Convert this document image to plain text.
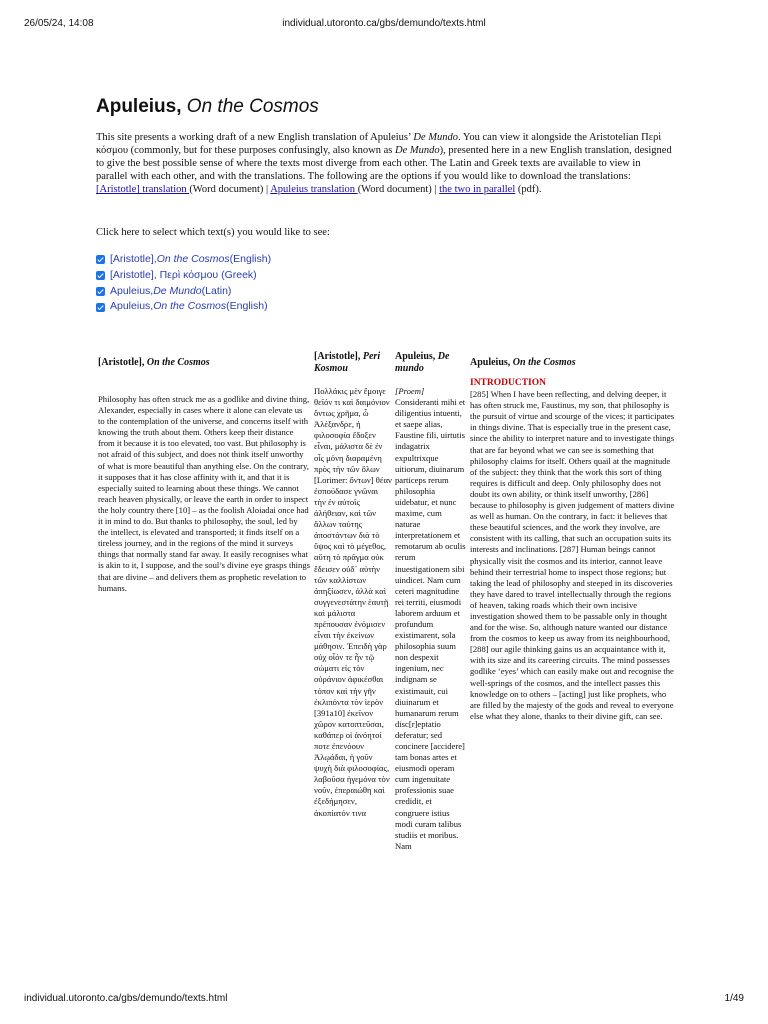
26/05/24, 14:08	individual.utoronto.ca/gbs/demundo/texts.html
Apuleius, On the Cosmos
This site presents a working draft of a new English translation of Apuleius’ De Mundo. You can view it alongside the Aristotelian Περὶ κόσμου (commonly, but for these purposes confusingly, also known as De Mundo), presented here in a new English translation, designed to give the best possible sense of where the texts most diverge from each other. The Latin and Greek texts are available to view in parallel with each other, and with the translations. The following are the options if you would like to download the translations: [Aristotle] translation (Word document) | Apuleius translation (Word document) | the two in parallel (pdf).
Click here to select which text(s) you would like to see:
[Aristotle], On the Cosmos (English)
[Aristotle], Περὶ κόσμου (Greek)
Apuleius, De Mundo (Latin)
Apuleius, On the Cosmos (English)
[Aristotle], On the Cosmos

Philosophy has often struck me as a godlike and divine thing, Alexander, especially in cases where it alone can elevate us to the contemplation of the universe, and concerns itself with knowing the truth about them. Others keep their distance from it because it is too elevated, too vast. But philosophy is not afraid of this subject, and does not think itself unworthy of what is more beautiful than anything else. On the contrary, it supposes that it has close affinity with it, and that it is especially suited to learning about these things. We cannot reach heaven physically, or leave the earth in order to inspect the holy country there [10] – as the foolish Aloiadai once had it in mind to do. But thanks to philosophy, the soul, led by the intellect, is elevated and transported; it finds itself on a tireless journey, and in the regions of the mind it surveys things that normally stand far away. It easily recognises what is akin to it, I suppose, and the soul’s divine eye grasps things that are divine – and delivers them as prophetic revelation to humans.

[Aristotle], Peri Kosmou

Πολλάκις μὲν ἔμοιγε θεῖόν τι καὶ δαιμόνιον ὄντως χρῆμα, ὦ Ἀλέξανδρε, ἡ φιλοσοφία ἔδοξεν εἶναι, μάλιστα δὲ ἐν οἷς μόνη διαραμένη πρὸς τὴν τῶν ὅλων [Lorimer: ὄντων] θέαν ἐσπούδασε γνῶναι τὴν ἐν αὐτοῖς ἀλήθειαν, καὶ τῶν ἄλλων ταύτης ἀποστάντων διὰ τὸ ὕψος καὶ τὸ μέγεθος, αὕτη τὸ πρᾶγμα οὐκ ἔδεισεν οὐδ᾽ αὑτὴν τῶν καλλίστων ἀπηξίωσεν, ἀλλὰ καὶ συγγενεστάτην ἑαυτῇ καὶ μάλιστα πρέπουσαν ἐνόμισεν εἶναι τὴν ἐκείνων μάθησιν. Ἐπειδὴ γὰρ οὐχ οἷόν τε ἦν τῷ σώματι εἰς τὸν οὐράνιον ἀφικέσθαι τόπον καὶ τὴν γῆν ἐκλιπόντα τὸν ἱερὸν [391a10] ἐκεῖνον χῶρον κατοπτεῦσαι, καθάπερ οἱ ἀνόητοί ποτε ἐπενόουν Ἀλῳάδαι, ἡ γοῦν ψυχὴ διὰ φιλοσοφίας, λαβοῦσα ἡγεμόνα τὸν νοῦν, ἐπεραιώθη καὶ ἐξεδήμησεν, ἀκοπίατόν τινα

Apuleius, De mundo

[Proem] Consideranti mihi et diligentius intuenti, et saepe alias, Faustine fili, uirtutis indagatrix expultrixque uitiorum, diuinarum particeps rerum philosophia uidebatur, et nunc maxime, cum naturae interpretationem et remotarum ab oculis rerum inuestigationem sibi uindicet. Nam cum ceteri magnitudine rei territi, eiusmodi laborem arduum et profundum existimarent, sola philosophia suum non despexit ingenium, nec indignam se existimauit, cui diuinarum et humanarum rerum disc[r]eptatio deferatur; sed concinere [accidere] tam bonas artes et eiusmodi operam cum ingenuitate professionis suae credidit, et congruere istius modi curam talibus studiis et moribus. Nam

Apuleius, On the Cosmos
INTRODUCTION

[285] When I have been reflecting, and delving deeper, it has often struck me, Faustinus, my son, that philosophy is the pursuit of virtue and scourge of the vices; it participates in things divine. That is especially true in the present case, since the ability to interpret nature and to investigate things that are far beyond what we can see is something that philosophy claims for itself. Others quail at the magnitude of the subject: they think that the work this sort of thing requires is difficult and deep. Only philosophy does not doubt its own ability, or think itself unworthy, [286] because to philosophy is given judgement of matters divine as well as human. On the contrary, in fact: it believes that these beautiful sciences, and the work they involve, are consistent with its calling, that such an occupation suits its interests and inclinations. [287] Human beings cannot physically visit the cosmos and its interior, cannot leave behind their terrestrial home to inspect those regions; but taking the lead of philosophy and steeped in its discoveries they have dared to travel intellectually through the regions of heaven, taking roads which their own incisive investigation showed them to be passable only in thought and for the wise. So, although nature wanted our distance from the cosmos to keep us away from its neighbourhood, [288] our agile thinking gains us an acquaintance with it, with its size and its careering circuits. The mind possesses godlike ‘eyes’ which can easily make out and recognise the well-springs of the cosmos, and the intellect passes this knowledge on to others – [acting] just like prophets, who are filled by the majesty of the gods and reveal to everyone else what they alone, thanks to their divine gift, can see.

individual.utoronto.ca/gbs/demundo/texts.html	1/49
